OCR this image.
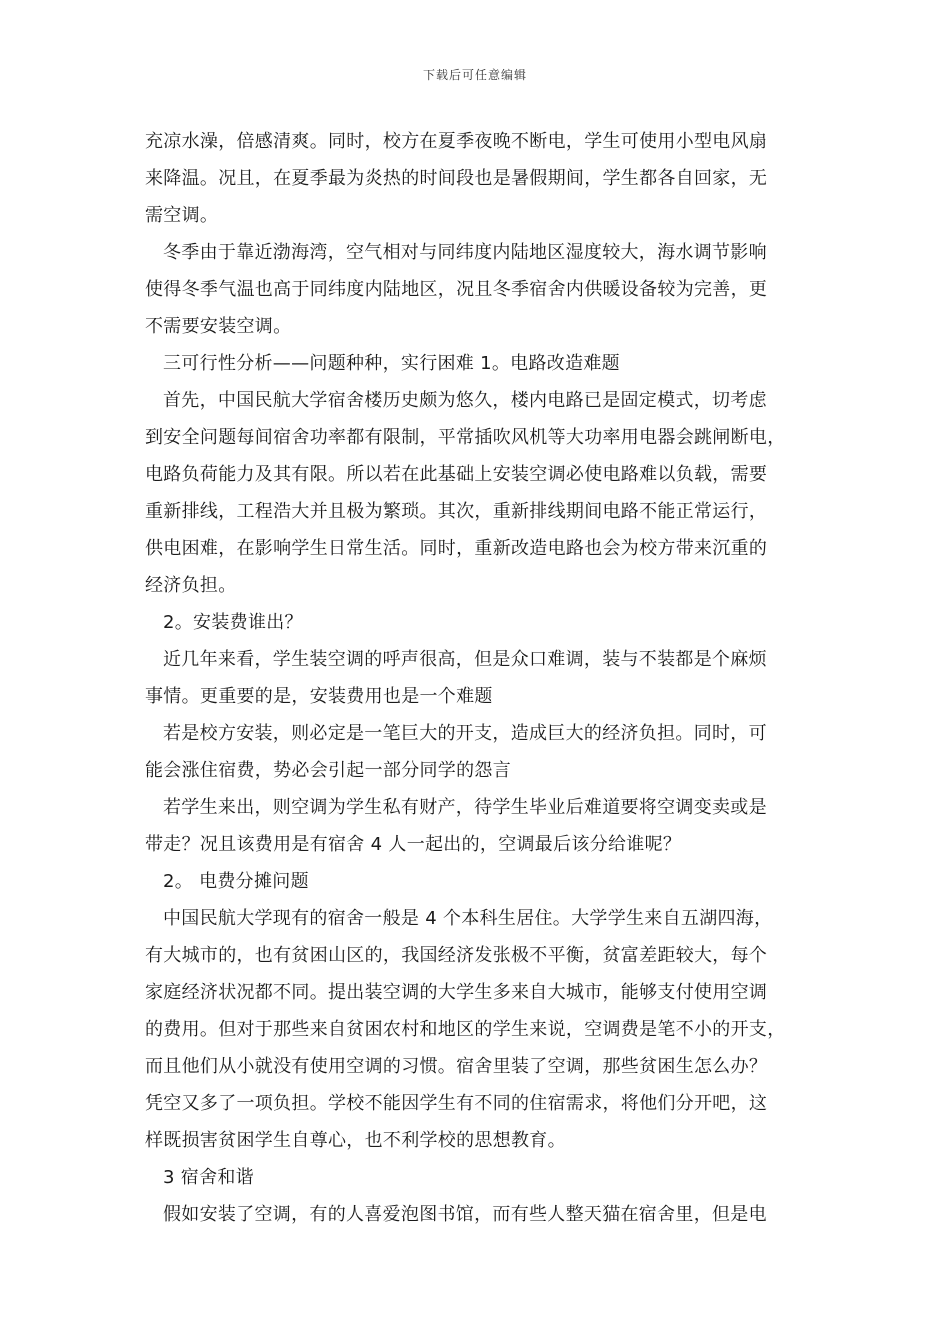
下载后可任意编辑
充凉水澡，倍感清爽。同时，校方在夏季夜晚不断电，学生可使用小型电风扇
来降温。况且，在夏季最为炎热的时间段也是暑假期间，学生都各自回家，无
需空调。
冬季由于靠近渤海湾，空气相对与同纬度内陆地区湿度较大，海水调节影响
使得冬季气温也高于同纬度内陆地区，况且冬季宿舍内供暖设备较为完善，更
不需要安装空调。
三可行性分析——问题种种，实行困难 1。电路改造难题
首先，中国民航大学宿舍楼历史颇为悠久，楼内电路已是固定模式，切考虑
到安全问题每间宿舍功率都有限制，平常插吹风机等大功率用电器会跳闸断电，
电路负荷能力及其有限。所以若在此基础上安装空调必使电路难以负载，需要
重新排线，工程浩大并且极为繁琐。其次，重新排线期间电路不能正常运行，
供电困难，在影响学生日常生活。同时，重新改造电路也会为校方带来沉重的
经济负担。
2。安装费谁出？
近几年来看，学生装空调的呼声很高，但是众口难调，装与不装都是个麻烦
事情。更重要的是，安装费用也是一个难题
若是校方安装，则必定是一笔巨大的开支，造成巨大的经济负担。同时，可
能会涨住宿费，势必会引起一部分同学的怨言
若学生来出，则空调为学生私有财产，待学生毕业后难道要将空调变卖或是
带走？况且该费用是有宿舍 4 人一起出的，空调最后该分给谁呢？
2。 电费分摊问题
中国民航大学现有的宿舍一般是 4 个本科生居住。大学学生来自五湖四海，
有大城市的，也有贫困山区的，我国经济发张极不平衡，贫富差距较大，每个
家庭经济状况都不同。提出装空调的大学生多来自大城市，能够支付使用空调
的费用。但对于那些来自贫困农村和地区的学生来说，空调费是笔不小的开支，
而且他们从小就没有使用空调的习惯。宿舍里装了空调，那些贫困生怎么办？
凭空又多了一项负担。学校不能因学生有不同的住宿需求，将他们分开吧，这
样既损害贫困学生自尊心，也不利学校的思想教育。
3 宿舍和谐
假如安装了空调，有的人喜爱泡图书馆，而有些人整天猫在宿舍里，但是电
